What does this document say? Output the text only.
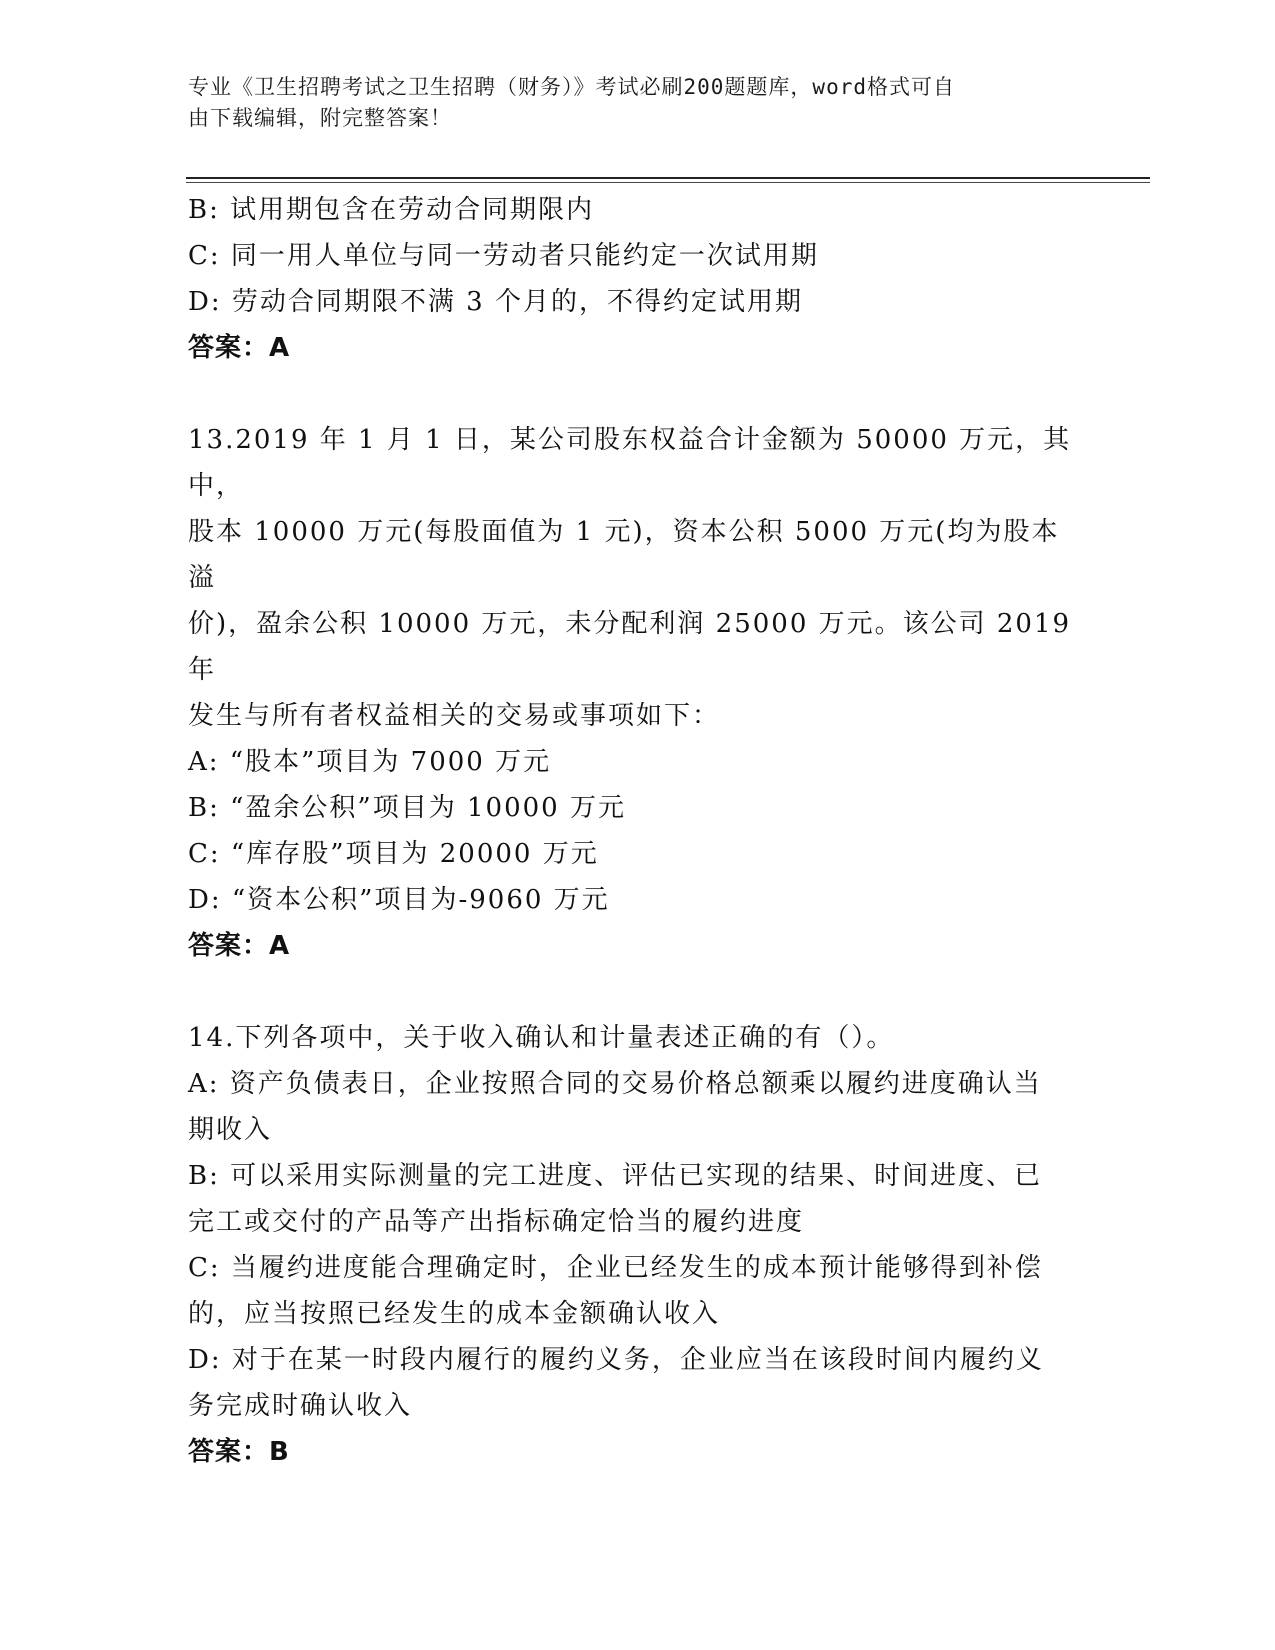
专业《卫生招聘考试之卫生招聘（财务）》考试必刷200题题库，word格式可自
由下载编辑，附完整答案！

B: 试用期包含在劳动合同期限内

C: 同一用人单位与同一劳动者只能约定一次试用期

D: 劳动合同期限不满 3 个月的，不得约定试用期

答案：A

13.2019 年 1 月 1 日，某公司股东权益合计金额为 50000 万元，其中，

股本 10000 万元(每股面值为 1 元)，资本公积 5000 万元(均为股本溢

价)，盈余公积 10000 万元，未分配利润 25000 万元。该公司 2019 年

发生与所有者权益相关的交易或事项如下：

A: “股本”项目为 7000 万元

B: “盈余公积”项目为 10000 万元

C: “库存股”项目为 20000 万元

D: “资本公积”项目为-9060 万元

答案：A

14.下列各项中，关于收入确认和计量表述正确的有（）。

A: 资产负债表日，企业按照合同的交易价格总额乘以履约进度确认当

期收入

B: 可以采用实际测量的完工进度、评估已实现的结果、时间进度、已

完工或交付的产品等产出指标确定恰当的履约进度

C: 当履约进度能合理确定时，企业已经发生的成本预计能够得到补偿

的，应当按照已经发生的成本金额确认收入

D: 对于在某一时段内履行的履约义务，企业应当在该段时间内履约义

务完成时确认收入

答案：B
